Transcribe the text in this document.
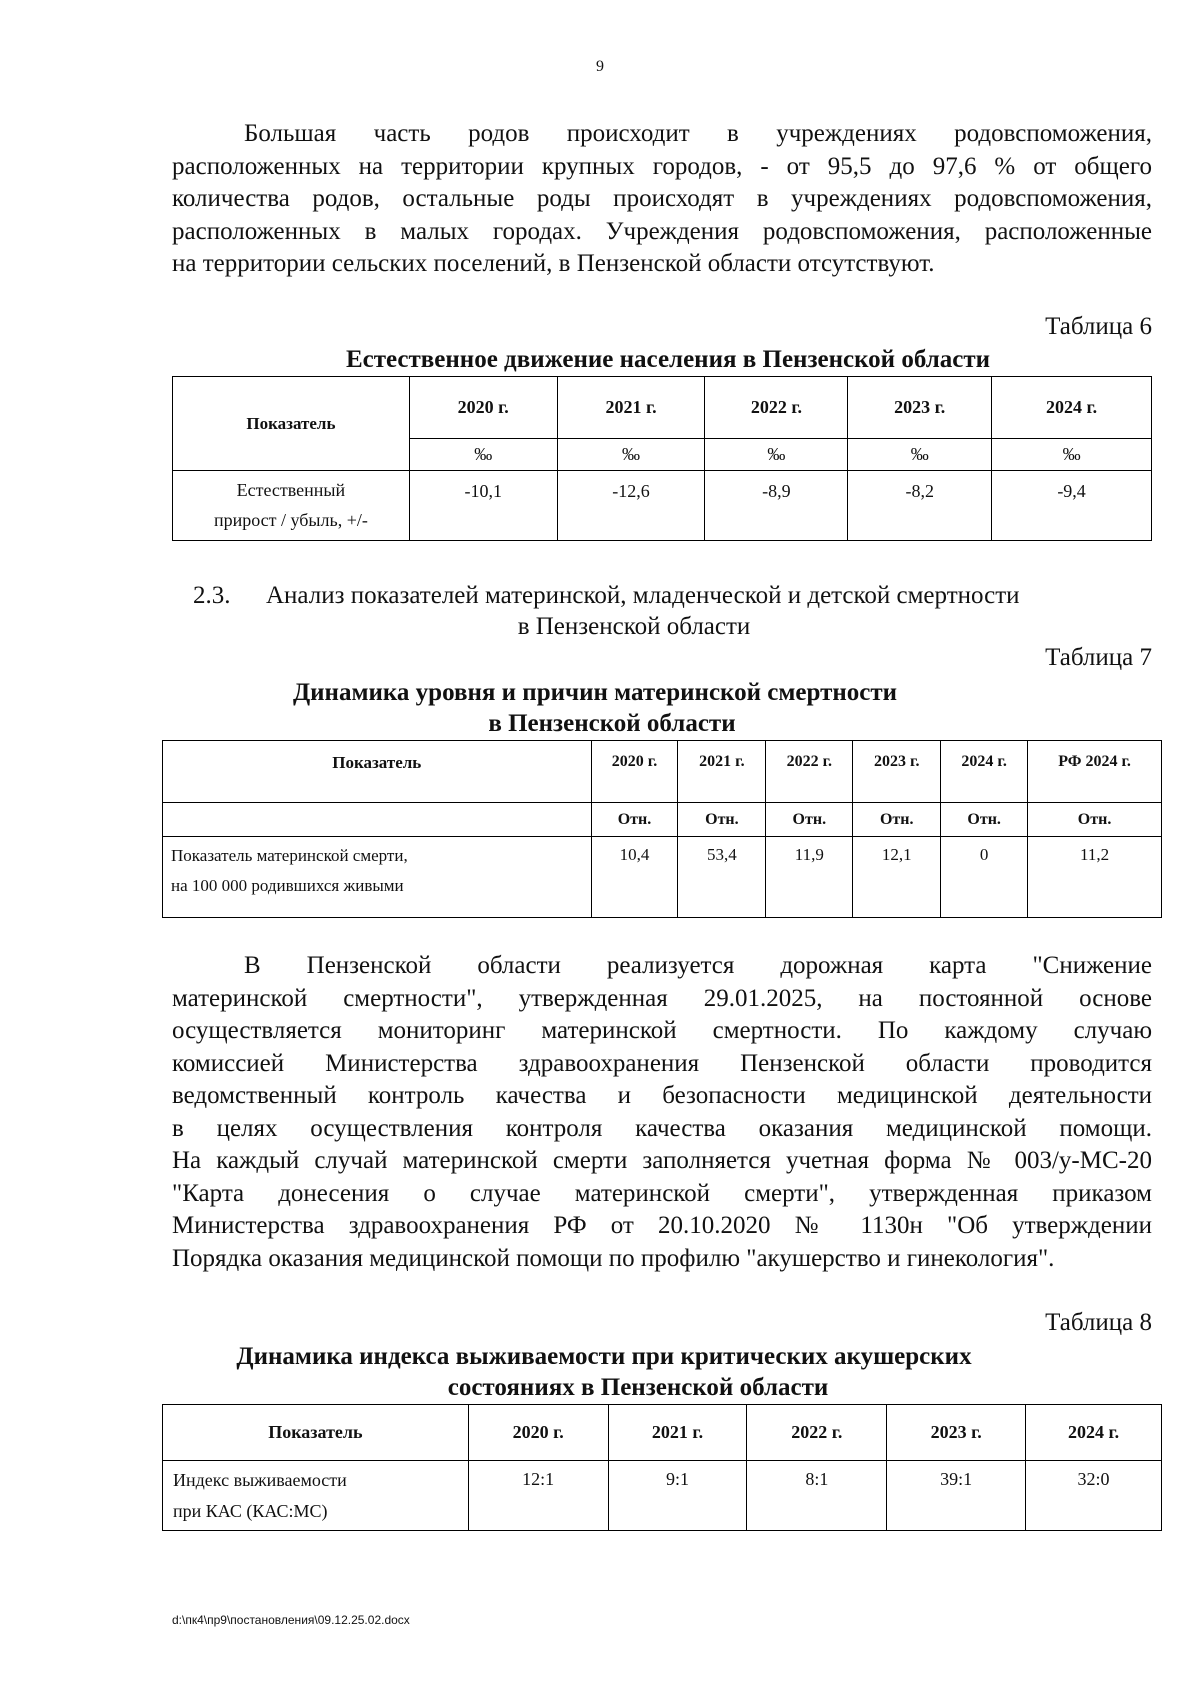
9
Большая часть родов происходит в учреждениях родовспоможения,
расположенных на территории крупных городов, - от 95,5 до 97,6 % от общего
количества родов, остальные роды происходят в учреждениях родовспоможения,
расположенных в малых городах. Учреждения родовспоможения, расположенные
на территории сельских поселений, в Пензенской области отсутствуют.
Таблица 6
Естественное движение населения в Пензенской области
Показатель	2020 г.	2021 г.	2022 г.	2023 г.	2024 г.
	‰	‰	‰	‰	‰
Естественный
прирост / убыль, +/-	-10,1	-12,6	-8,9	-8,2	-9,4
2.3. Анализ показателей материнской, младенческой и детской смертности
в Пензенской области
Таблица 7
Динамика уровня и причин материнской смертности
в Пензенской области
Показатель	2020 г.	2021 г.	2022 г.	2023 г.	2024 г.	РФ 2024 г.
	Отн.	Отн.	Отн.	Отн.	Отн.	Отн.
Показатель материнской смерти,
на 100 000 родившихся живыми	10,4	53,4	11,9	12,1	0	11,2
В Пензенской области реализуется дорожная карта "Снижение
материнской смертности", утвержденная 29.01.2025, на постоянной основе
осуществляется мониторинг материнской смертности. По каждому случаю
комиссией Министерства здравоохранения Пензенской области проводится
ведомственный контроль качества и безопасности медицинской деятельности
в целях осуществления контроля качества оказания медицинской помощи.
На каждый случай материнской смерти заполняется учетная форма № 003/у-МС-20
"Карта донесения о случае материнской смерти", утвержденная приказом
Министерства здравоохранения РФ от 20.10.2020 № 1130н "Об утверждении
Порядка оказания медицинской помощи по профилю "акушерство и гинекология".
Таблица 8
Динамика индекса выживаемости при критических акушерских
состояниях в Пензенской области
Показатель	2020 г.	2021 г.	2022 г.	2023 г.	2024 г.
Индекс выживаемости
при КАС (КАС:МС)	12:1	9:1	8:1	39:1	32:0
d:\пк4\пр9\постановления\09.12.25.02.docx
